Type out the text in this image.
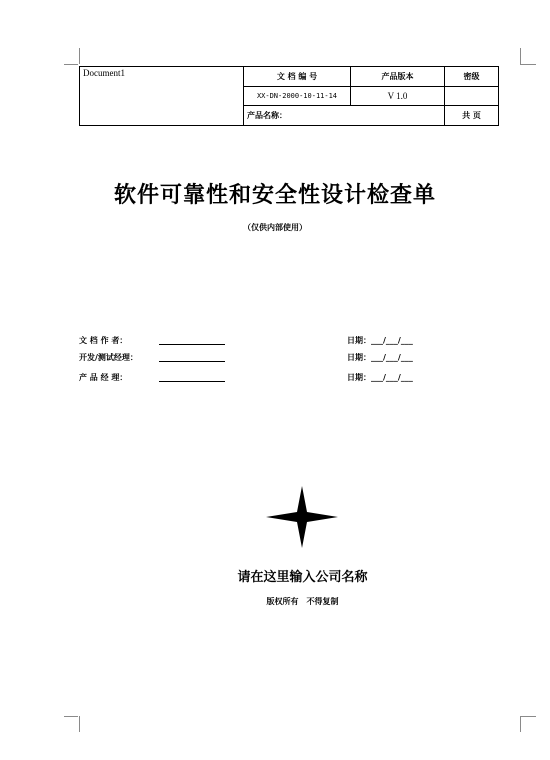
Document1	文 档 编 号	产品版本	密级
	XX-DN-2000-10-11-14	V 1.0	
	产品名称：		共 页
软件可靠性和安全性设计检查单
（仅供内部使用）
文 档 作 者：	日期：___/___/___
开发/测试经理：	日期：___/___/___
产 品 经 理：	日期：___/___/___
请在这里输入公司名称
版权所有　不得复制
